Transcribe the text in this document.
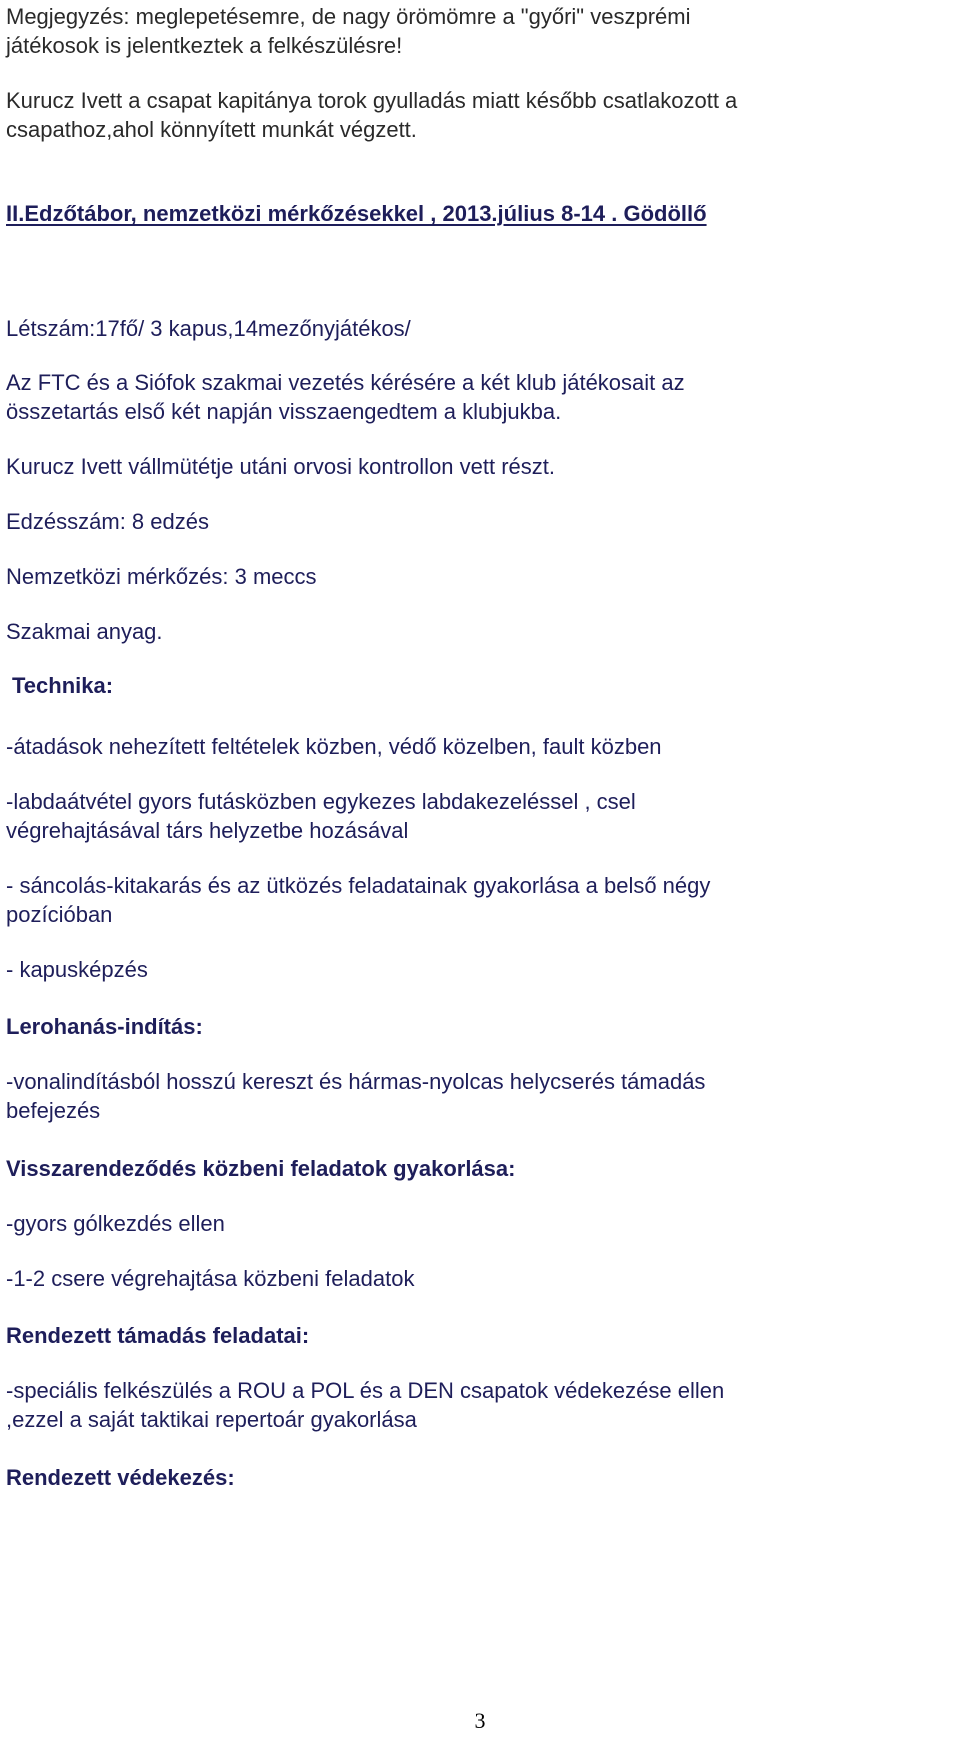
Megjegyzés: meglepetésemre, de nagy örömömre a "győri" veszprémi

játékosok is jelentkeztek a felkészülésre!

Kurucz Ivett a csapat kapitánya torok gyulladás miatt később csatlakozott a

csapathoz,ahol könnyített munkát végzett.

II.Edzőtábor, nemzetközi mérkőzésekkel , 2013.július 8-14 . Gödöllő

Létszám:17fő/ 3 kapus,14mezőnyjátékos/

Az FTC és a Siófok szakmai vezetés kérésére a két klub játékosait az

összetartás első két napján visszaengedtem a klubjukba.

Kurucz Ivett vállmütétje utáni orvosi kontrollon vett részt.

Edzésszám: 8 edzés

Nemzetközi mérkőzés: 3 meccs

Szakmai anyag.

Technika:

-átadások nehezített feltételek közben, védő közelben, fault közben

-labdaátvétel gyors futásközben egykezes labdakezeléssel , csel

végrehajtásával társ helyzetbe hozásával

- sáncolás-kitakarás és az ütközés feladatainak gyakorlása a belső négy

pozícióban

- kapusképzés

Lerohanás-indítás:

-vonalindításból hosszú kereszt és hármas-nyolcas helycserés támadás

befejezés

Visszarendeződés közbeni feladatok gyakorlása:

-gyors gólkezdés ellen

-1-2 csere végrehajtása közbeni feladatok

Rendezett támadás feladatai:

-speciális felkészülés a ROU a POL és a DEN csapatok védekezése ellen

,ezzel a saját taktikai repertoár gyakorlása

Rendezett védekezés:

3
